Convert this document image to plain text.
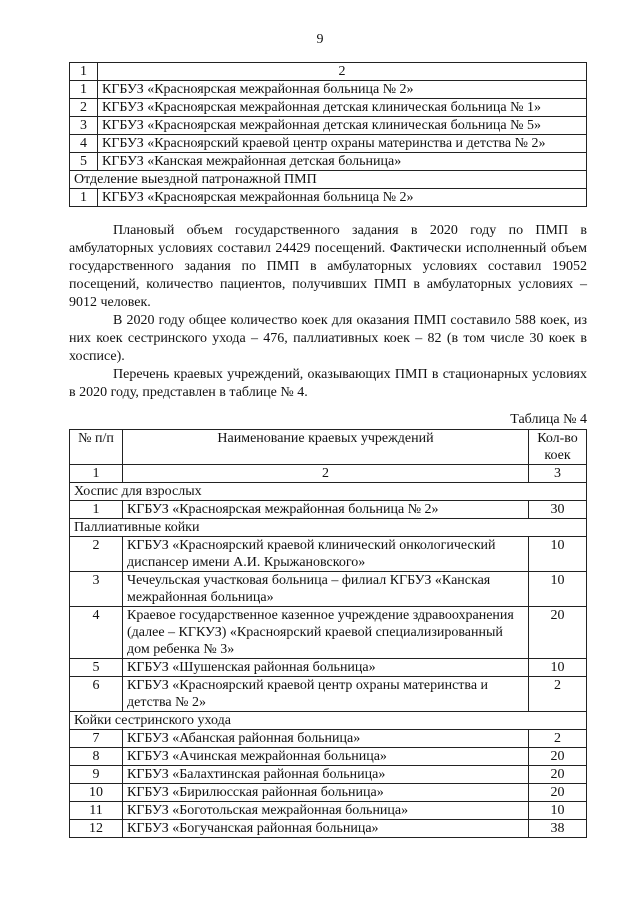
9
1	2
1	КГБУЗ «Красноярская межрайонная больница № 2»
2	КГБУЗ «Красноярская межрайонная детская клиническая больница № 1»
3	КГБУЗ «Красноярская межрайонная детская клиническая больница № 5»
4	КГБУЗ «Красноярский краевой центр охраны материнства и детства № 2»
5	КГБУЗ «Канская межрайонная детская больница»
Отделение выездной патронажной ПМП	
1	КГБУЗ «Красноярская межрайонная больница № 2»

Плановый объем государственного задания в 2020 году по ПМП в амбулаторных условиях составил 24429 посещений. Фактически исполненный объем государственного задания по ПМП в амбулаторных условиях составил 19052 посещений, количество пациентов, получивших ПМП в амбулаторных условиях – 9012 человек.

В 2020 году общее количество коек для оказания ПМП составило 588 коек, из них коек сестринского ухода – 476, паллиативных коек – 82 (в том числе 30 коек в хосписе).

Перечень краевых учреждений, оказывающих ПМП в стационарных условиях в 2020 году, представлен в таблице № 4.

Таблица № 4
№ п/п	Наименование краевых учреждений	Кол-во коек
1	2	3
Хоспис для взрослых		
1	КГБУЗ «Красноярская межрайонная больница № 2»	30
Паллиативные койки		
2	КГБУЗ «Красноярский краевой клинический онкологический диспансер имени А.И. Крыжановского»	10
3	Чечеульская участковая больница – филиал КГБУЗ «Канская межрайонная больница»	10
4	Краевое государственное казенное учреждение здравоохранения (далее – КГКУЗ) «Красноярский краевой специализированный дом ребенка № 3»	20
5	КГБУЗ «Шушенская районная больница»	10
6	КГБУЗ «Красноярский краевой центр охраны материнства и детства № 2»	2
Койки сестринского ухода		
7	КГБУЗ «Абанская районная больница»	2
8	КГБУЗ «Ачинская межрайонная больница»	20
9	КГБУЗ «Балахтинская районная больница»	20
10	КГБУЗ «Бирилюсская районная больница»	20
11	КГБУЗ «Боготольская межрайонная больница»	10
12	КГБУЗ «Богучанская районная больница»	38
